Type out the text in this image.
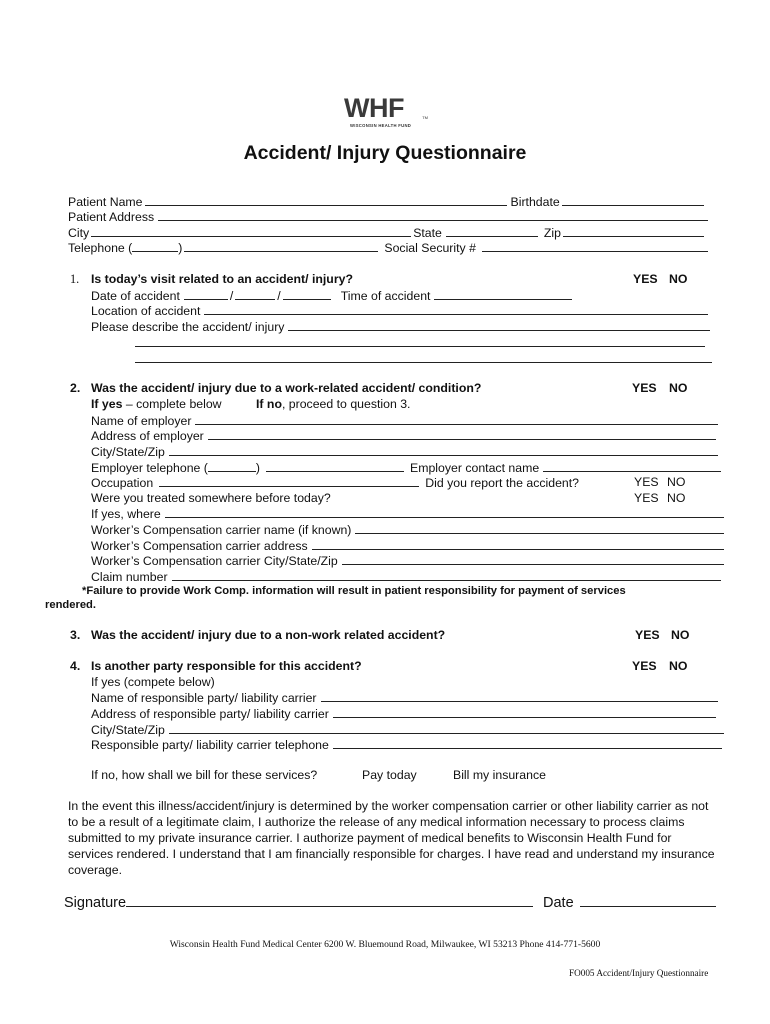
WHF	TM
WISCONSIN HEALTH FUND
Accident/ Injury Questionnaire
Patient Name	Birthdate
Patient Address
City	State	Zip
Telephone (	)	Social Security #
1. Is today’s visit related to an accident/ injury?	YES NO
Date of accident	/	/	Time of accident
Location of accident
Please describe the accident/ injury
2. Was the accident/ injury due to a work-related accident/ condition?	YES NO
If yes – complete below	If no, proceed to question 3.
Name of employer
Address of employer
City/State/Zip
Employer telephone (	)	Employer contact name
Occupation	Did you report the accident?	YES NO
Were you treated somewhere before today?	YES NO
If yes, where
Worker’s Compensation carrier name (if known)
Worker’s Compensation carrier address
Worker’s Compensation carrier City/State/Zip
Claim number
*Failure to provide Work Comp. information will result in patient responsibility for payment of services
rendered.
3. Was the accident/ injury due to a non-work related accident?	YES NO
4. Is another party responsible for this accident?	YES NO
If yes (compete below)
Name of responsible party/ liability carrier
Address of responsible party/ liability carrier
City/State/Zip
Responsible party/ liability carrier telephone
If no, how shall we bill for these services?	Pay today	Bill my insurance
In the event this illness/accident/injury is determined by the worker compensation carrier or other liability carrier as not to be a result of a legitimate claim, I authorize the release of any medical information necessary to process claims submitted to my private insurance carrier. I authorize payment of medical benefits to Wisconsin Health Fund for services rendered. I understand that I am financially responsible for charges. I have read and understand my insurance coverage.
Signature	Date
Wisconsin Health Fund Medical Center 6200 W. Bluemound Road, Milwaukee, WI 53213 Phone 414-771-5600
FO005 Accident/Injury Questionnaire
